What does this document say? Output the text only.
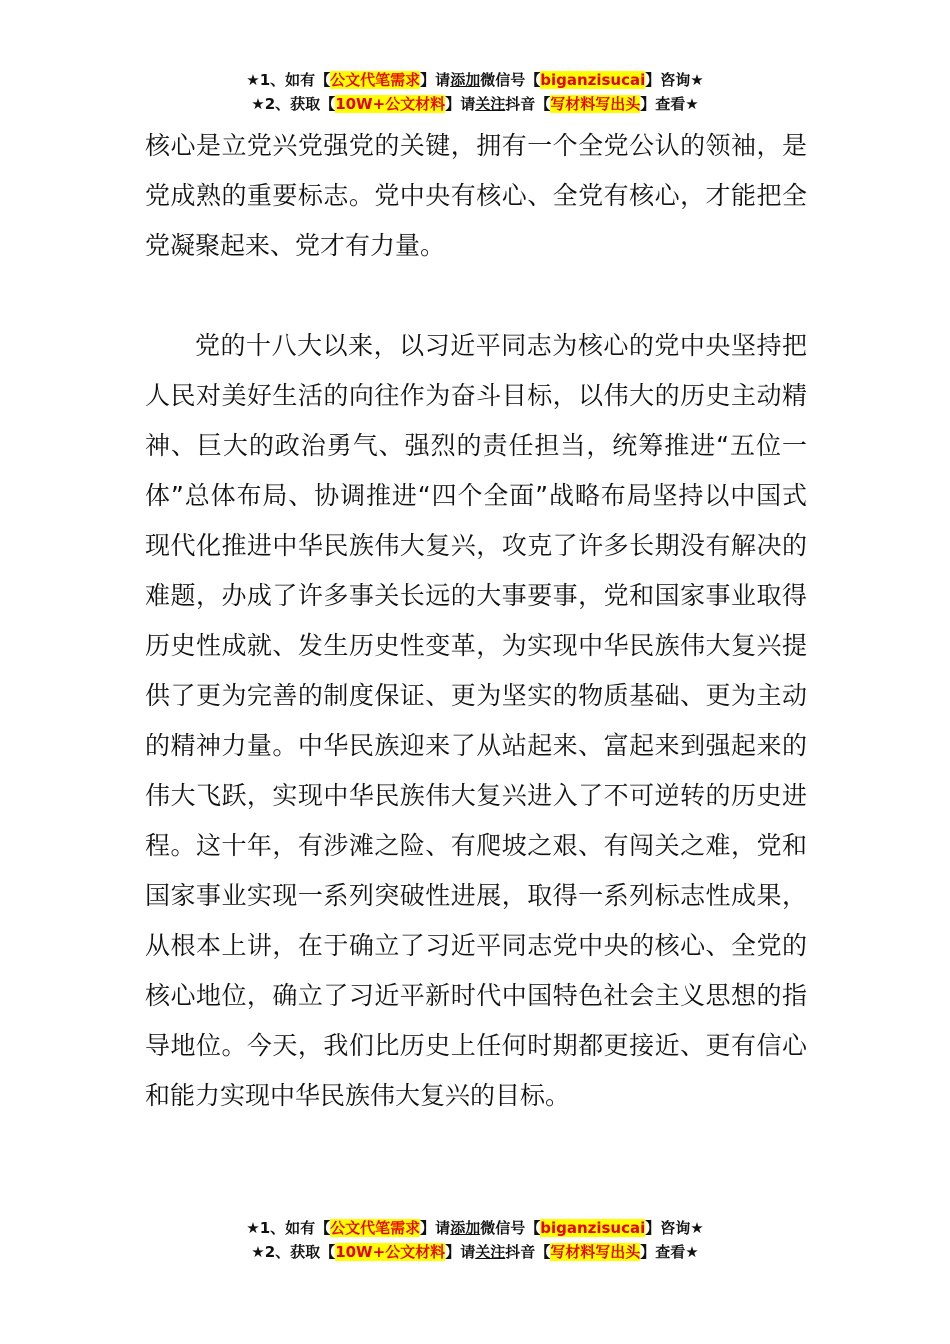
★1、如有【公文代笔需求】请添加微信号【biganzisucai】咨询★
★2、获取【10W+公文材料】请关注抖音【写材料写出头】查看★

核心是立党兴党强党的关键，拥有一个全党公认的领袖，是党成熟的重要标志。党中央有核心、全党有核心，才能把全党凝聚起来、党才有力量。

党的十八大以来，以习近平同志为核心的党中央坚持把人民对美好生活的向往作为奋斗目标，以伟大的历史主动精神、巨大的政治勇气、强烈的责任担当，统筹推进“五位一体”总体布局、协调推进“四个全面”战略布局坚持以中国式现代化推进中华民族伟大复兴，攻克了许多长期没有解决的难题，办成了许多事关长远的大事要事，党和国家事业取得历史性成就、发生历史性变革，为实现中华民族伟大复兴提供了更为完善的制度保证、更为坚实的物质基础、更为主动的精神力量。中华民族迎来了从站起来、富起来到强起来的伟大飞跃，实现中华民族伟大复兴进入了不可逆转的历史进程。这十年，有涉滩之险、有爬坡之艰、有闯关之难，党和国家事业实现一系列突破性进展，取得一系列标志性成果，从根本上讲，在于确立了习近平同志党中央的核心、全党的核心地位，确立了习近平新时代中国特色社会主义思想的指导地位。今天，我们比历史上任何时期都更接近、更有信心和能力实现中华民族伟大复兴的目标。

★1、如有【公文代笔需求】请添加微信号【biganzisucai】咨询★
★2、获取【10W+公文材料】请关注抖音【写材料写出头】查看★
